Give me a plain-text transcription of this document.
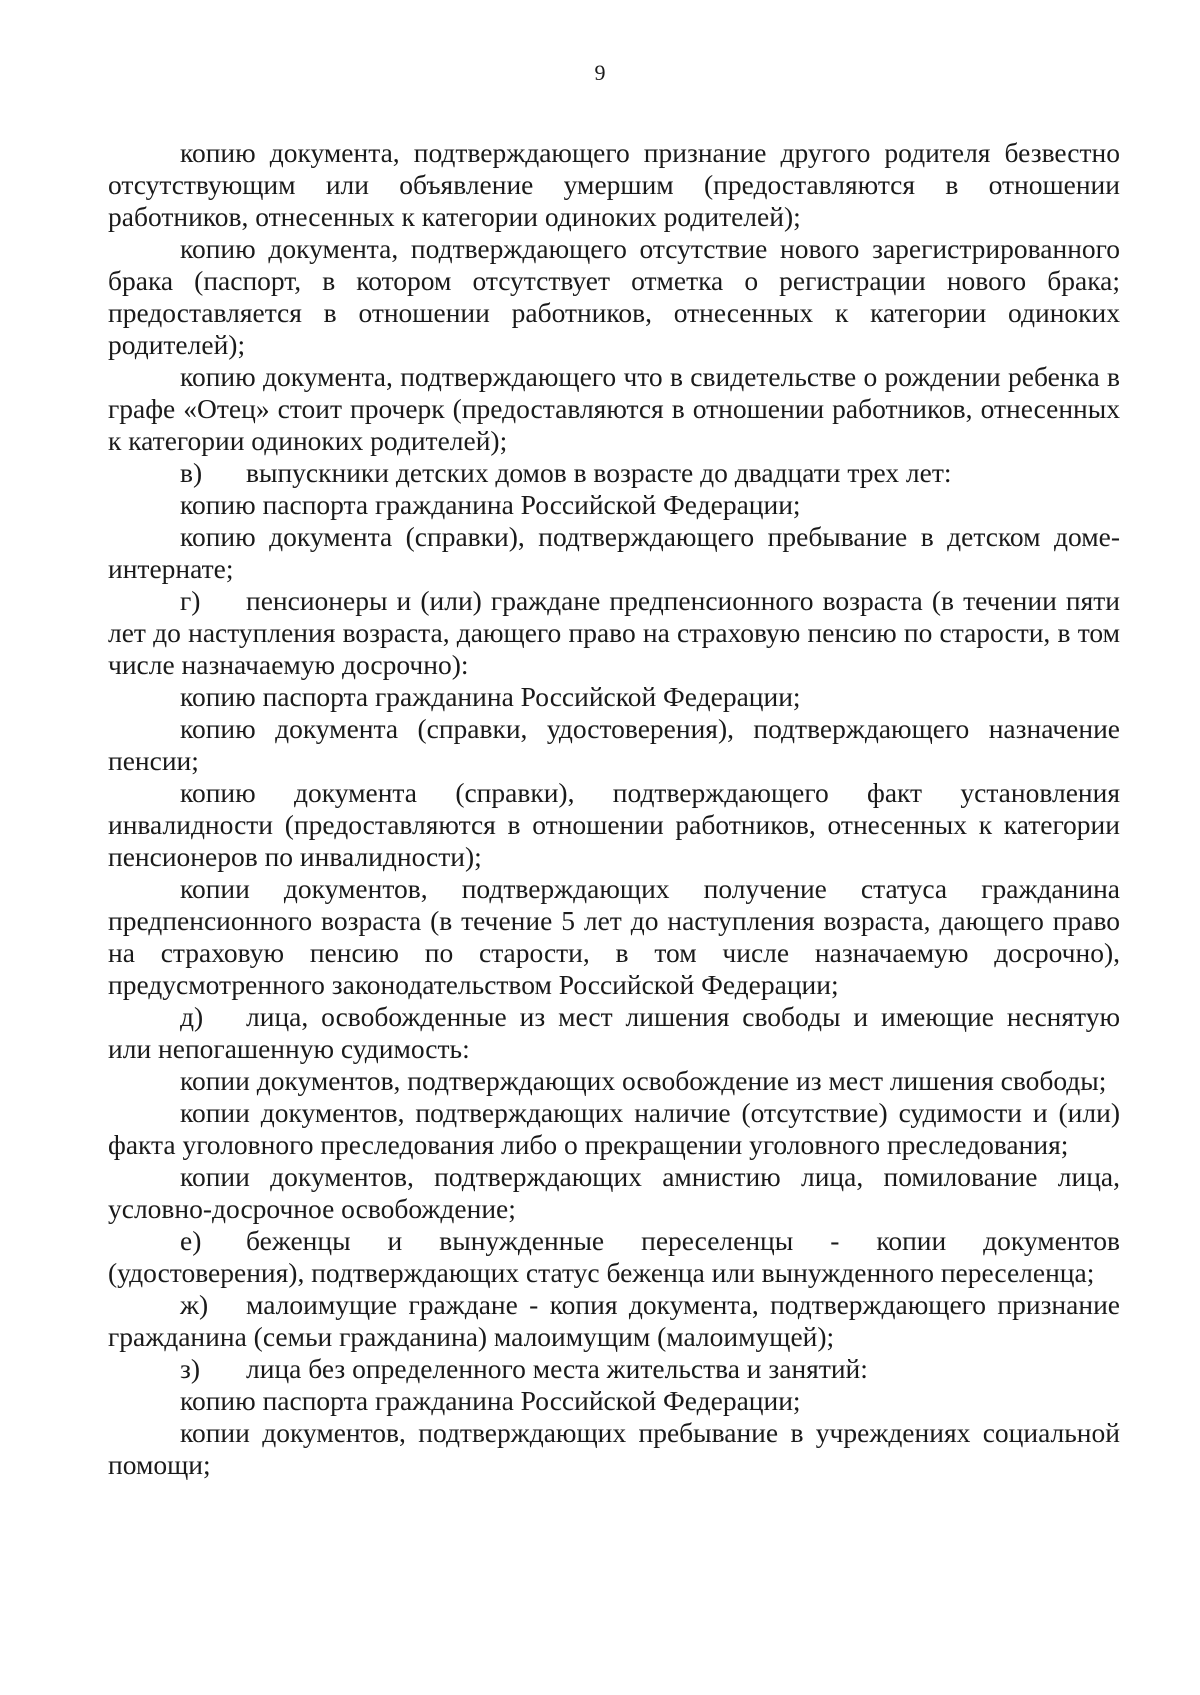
9

копию документа, подтверждающего признание другого родителя безвестно отсутствующим или объявление умершим (предоставляются в отношении работников, отнесенных к категории одиноких родителей);

копию документа, подтверждающего отсутствие нового зарегистрированного брака (паспорт, в котором отсутствует отметка о регистрации нового брака; предоставляется в отношении работников, отнесенных к категории одиноких родителей);

копию документа, подтверждающего что в свидетельстве о рождении ребенка в графе «Отец» стоит прочерк (предоставляются в отношении работников, отнесенных к категории одиноких родителей);

в) выпускники детских домов в возрасте до двадцати трех лет:

копию паспорта гражданина Российской Федерации;

копию документа (справки), подтверждающего пребывание в детском доме-интернате;

г) пенсионеры и (или) граждане предпенсионного возраста (в течении пяти лет до наступления возраста, дающего право на страховую пенсию по старости, в том числе назначаемую досрочно):

копию паспорта гражданина Российской Федерации;

копию документа (справки, удостоверения), подтверждающего назначение пенсии;

копию документа (справки), подтверждающего факт установления инвалидности (предоставляются в отношении работников, отнесенных к категории пенсионеров по инвалидности);

копии документов, подтверждающих получение статуса гражданина предпенсионного возраста (в течение 5 лет до наступления возраста, дающего право на страховую пенсию по старости, в том числе назначаемую досрочно), предусмотренного законодательством Российской Федерации;

д) лица, освобожденные из мест лишения свободы и имеющие неснятую или непогашенную судимость:

копии документов, подтверждающих освобождение из мест лишения свободы;

копии документов, подтверждающих наличие (отсутствие) судимости и (или) факта уголовного преследования либо о прекращении уголовного преследования;

копии документов, подтверждающих амнистию лица, помилование лица, условно-досрочное освобождение;

е) беженцы и вынужденные переселенцы - копии документов (удостоверения), подтверждающих статус беженца или вынужденного переселенца;

ж) малоимущие граждане - копия документа, подтверждающего признание гражданина (семьи гражданина) малоимущим (малоимущей);

з) лица без определенного места жительства и занятий:

копию паспорта гражданина Российской Федерации;

копии документов, подтверждающих пребывание в учреждениях социальной помощи;
